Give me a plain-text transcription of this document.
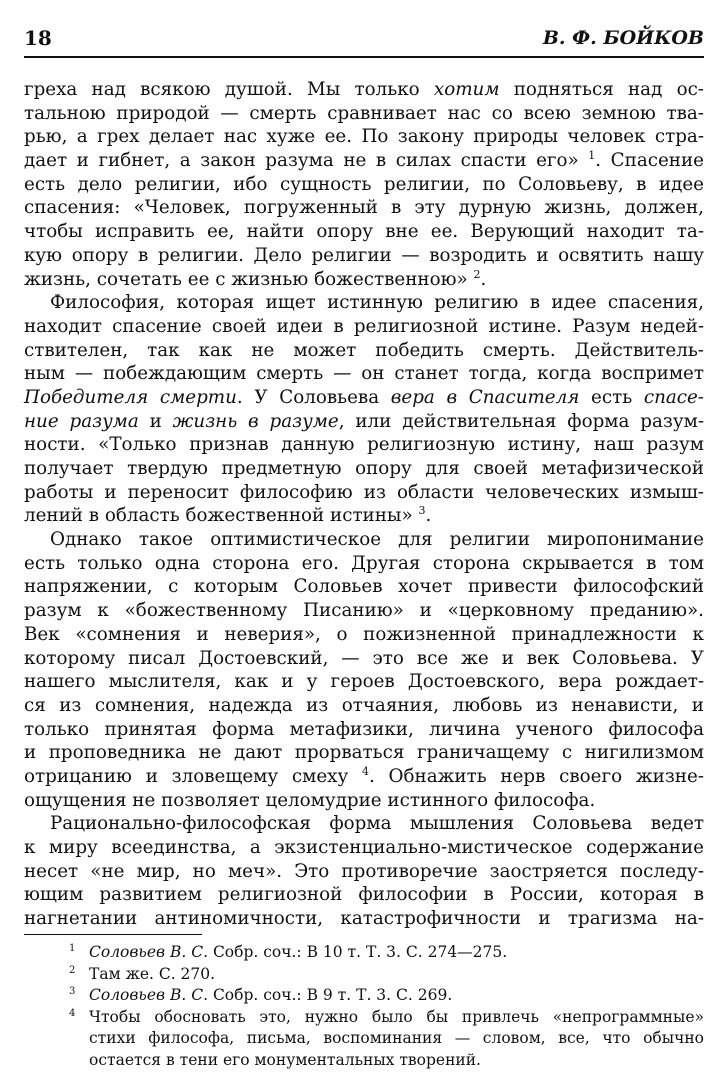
18	В. Ф. БОЙКОВ
греха над всякою душой. Мы только хотим подняться над ос-
тальною природой — смерть сравнивает нас со всею земною тва-
рью, а грех делает нас хуже ее. По закону природы человек стра-
дает и гибнет, а закон разума не в силах спасти его» $^1$. Спасение
есть дело религии, ибо сущность религии, по Соловьеву, в идее
спасения: «Человек, погруженный в эту дурную жизнь, должен,
чтобы исправить ее, найти опору вне ее. Верующий находит та-
кую опору в религии. Дело религии — возродить и освятить нашу
жизнь, сочетать ее с жизнью божественною» $^2$.
Философия, которая ищет истинную религию в идее спасения,
находит спасение своей идеи в религиозной истине. Разум недей-
ствителен, так как не может победить смерть. Действитель-
ным — побеждающим смерть — он станет тогда, когда воспримет
Победителя смерти. У Соловьева вера в Спасителя есть спасе-
ние разума и жизнь в разуме, или действительная форма разум-
ности. «Только признав данную религиозную истину, наш разум
получает твердую предметную опору для своей метафизической
работы и переносит философию из области человеческих измыш-
лений в область божественной истины» $^3$.
Однако такое оптимистическое для религии миропонимание
есть только одна сторона его. Другая сторона скрывается в том
напряжении, с которым Соловьев хочет привести философский
разум к «божественному Писанию» и «церковному преданию».
Век «сомнения и неверия», о пожизненной принадлежности к
которому писал Достоевский, — это все же и век Соловьева. У
нашего мыслителя, как и у героев Достоевского, вера рождает-
ся из сомнения, надежда из отчаяния, любовь из ненависти, и
только принятая форма метафизики, личина ученого философа
и проповедника не дают прорваться граничащему с нигилизмом
отрицанию и зловещему смеху $^4$. Обнажить нерв своего жизне-
ощущения не позволяет целомудрие истинного философа.
Рационально-философская форма мышления Соловьева ведет
к миру всеединства, а экзистенциально-мистическое содержание
несет «не мир, но меч». Это противоречие заостряется последу-
ющим развитием религиозной философии в России, которая в
нагнетании антиномичности, катастрофичности и трагизма на-
1 Соловьев В. С. Собр. соч.: В 10 т. Т. 3. С. 274—275.
2 Там же. С. 270.
3 Соловьев В. С. Собр. соч.: В 9 т. Т. 3. С. 269.
4 Чтобы обосновать это, нужно было бы привлечь «непрограммные»
стихи философа, письма, воспоминания — словом, все, что обычно
остается в тени его монументальных творений.
